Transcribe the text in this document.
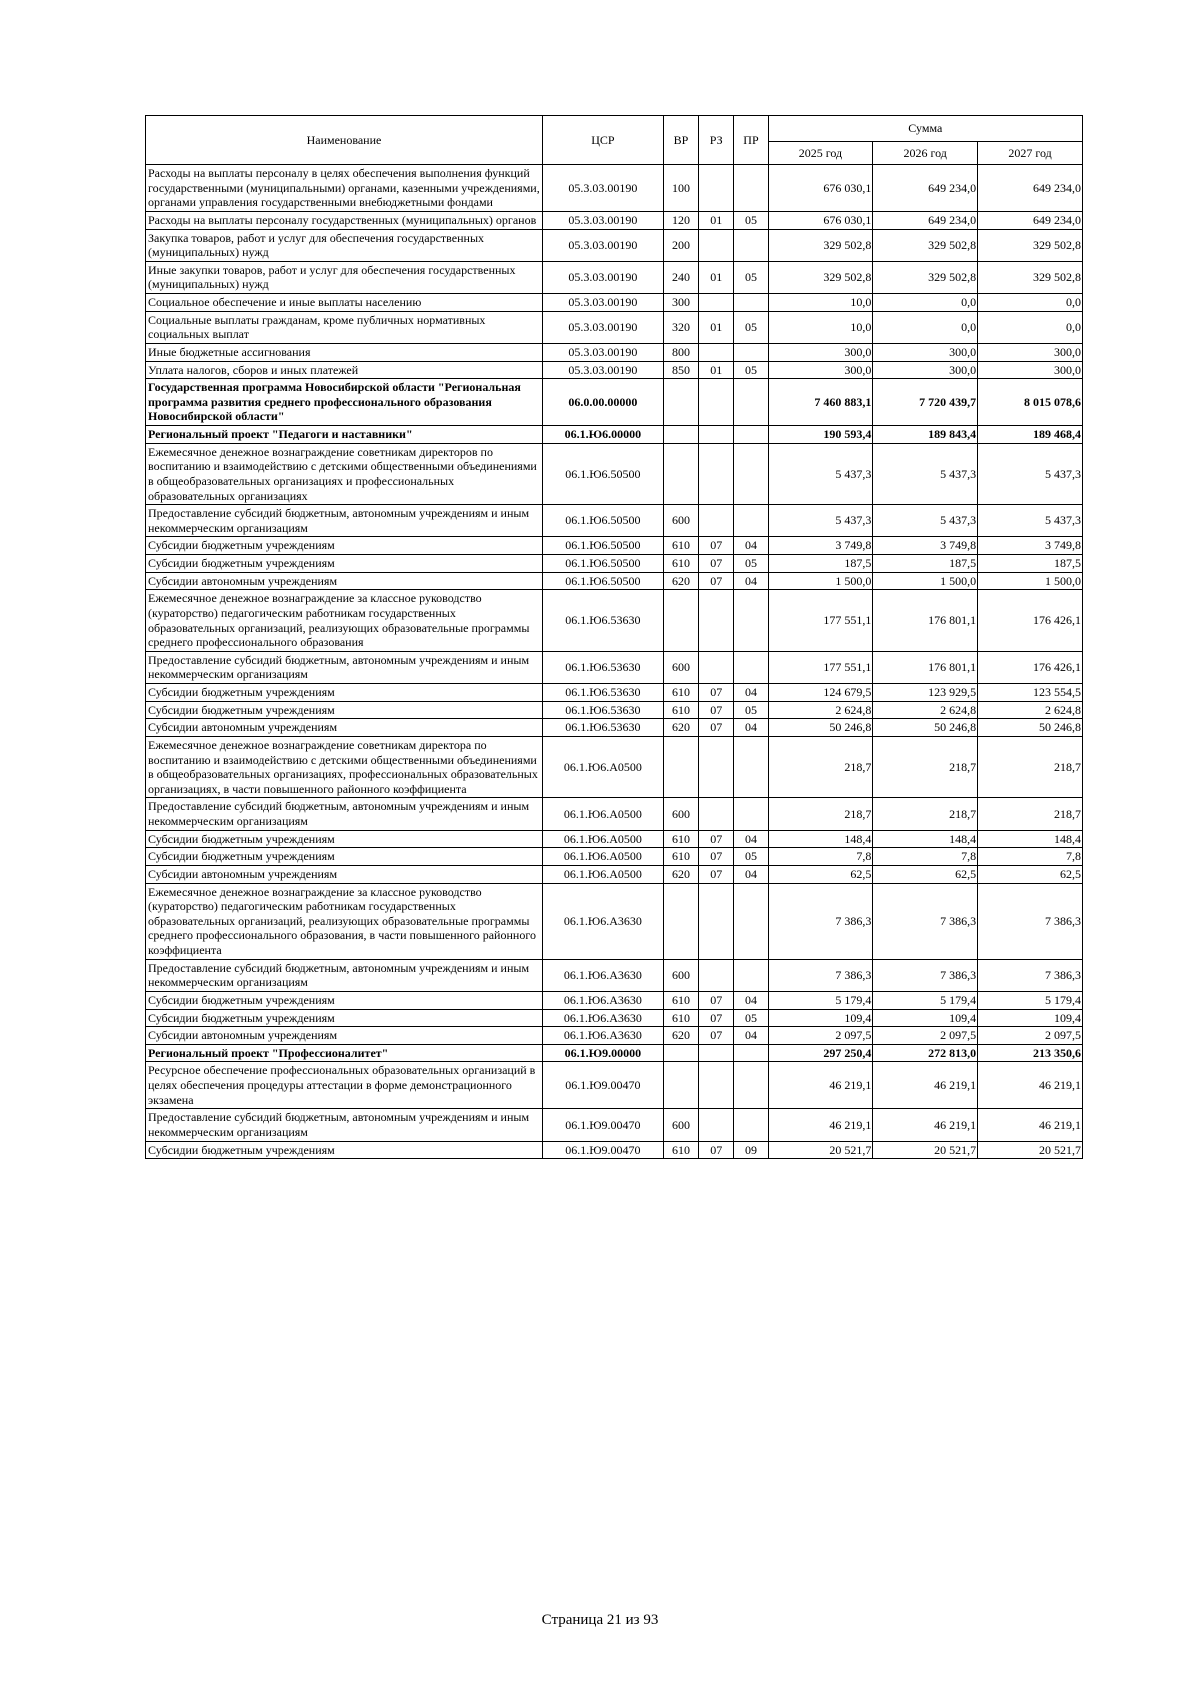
Наименование	ЦСР	ВР	РЗ	ПР	Сумма		
					2025 год	2026 год	2027 год
Расходы на выплаты персоналу в целях обеспечения выполнения функций государственными (муниципальными) органами, казенными учреждениями, органами управления государственными внебюджетными фондами	05.3.03.00190	100			676 030,1	649 234,0	649 234,0
Расходы на выплаты персоналу государственных (муниципальных) органов	05.3.03.00190	120	01	05	676 030,1	649 234,0	649 234,0
Закупка товаров, работ и услуг для обеспечения государственных (муниципальных) нужд	05.3.03.00190	200			329 502,8	329 502,8	329 502,8
Иные закупки товаров, работ и услуг для обеспечения государственных (муниципальных) нужд	05.3.03.00190	240	01	05	329 502,8	329 502,8	329 502,8
Социальное обеспечение и иные выплаты населению	05.3.03.00190	300			10,0	0,0	0,0
Социальные выплаты гражданам, кроме публичных нормативных социальных выплат	05.3.03.00190	320	01	05	10,0	0,0	0,0
Иные бюджетные ассигнования	05.3.03.00190	800			300,0	300,0	300,0
Уплата налогов, сборов и иных платежей	05.3.03.00190	850	01	05	300,0	300,0	300,0
Государственная программа Новосибирской области "Региональная программа развития среднего профессионального образования Новосибирской области"	06.0.00.00000				7 460 883,1	7 720 439,7	8 015 078,6
Региональный проект "Педагоги и наставники"	06.1.Ю6.00000				190 593,4	189 843,4	189 468,4
Ежемесячное денежное вознаграждение советникам директоров по воспитанию и взаимодействию с детскими общественными объединениями в общеобразовательных организациях и профессиональных образовательных организациях	06.1.Ю6.50500				5 437,3	5 437,3	5 437,3
Предоставление субсидий бюджетным, автономным учреждениям и иным некоммерческим организациям	06.1.Ю6.50500	600			5 437,3	5 437,3	5 437,3
Субсидии бюджетным учреждениям	06.1.Ю6.50500	610	07	04	3 749,8	3 749,8	3 749,8
Субсидии бюджетным учреждениям	06.1.Ю6.50500	610	07	05	187,5	187,5	187,5
Субсидии автономным учреждениям	06.1.Ю6.50500	620	07	04	1 500,0	1 500,0	1 500,0
Ежемесячное денежное вознаграждение за классное руководство (кураторство) педагогическим работникам государственных образовательных организаций, реализующих образовательные программы среднего профессионального образования	06.1.Ю6.53630				177 551,1	176 801,1	176 426,1
Предоставление субсидий бюджетным, автономным учреждениям и иным некоммерческим организациям	06.1.Ю6.53630	600			177 551,1	176 801,1	176 426,1
Субсидии бюджетным учреждениям	06.1.Ю6.53630	610	07	04	124 679,5	123 929,5	123 554,5
Субсидии бюджетным учреждениям	06.1.Ю6.53630	610	07	05	2 624,8	2 624,8	2 624,8
Субсидии автономным учреждениям	06.1.Ю6.53630	620	07	04	50 246,8	50 246,8	50 246,8
Ежемесячное денежное вознаграждение советникам директора по воспитанию и взаимодействию с детскими общественными объединениями в общеобразовательных организациях, профессиональных образовательных организациях, в части повышенного районного коэффициента	06.1.Ю6.А0500				218,7	218,7	218,7
Предоставление субсидий бюджетным, автономным учреждениям и иным некоммерческим организациям	06.1.Ю6.А0500	600			218,7	218,7	218,7
Субсидии бюджетным учреждениям	06.1.Ю6.А0500	610	07	04	148,4	148,4	148,4
Субсидии бюджетным учреждениям	06.1.Ю6.А0500	610	07	05	7,8	7,8	7,8
Субсидии автономным учреждениям	06.1.Ю6.А0500	620	07	04	62,5	62,5	62,5
Ежемесячное денежное вознаграждение за классное руководство (кураторство) педагогическим работникам государственных образовательных организаций, реализующих образовательные программы среднего профессионального образования, в части повышенного районного коэффициента	06.1.Ю6.А3630				7 386,3	7 386,3	7 386,3
Предоставление субсидий бюджетным, автономным учреждениям и иным некоммерческим организациям	06.1.Ю6.А3630	600			7 386,3	7 386,3	7 386,3
Субсидии бюджетным учреждениям	06.1.Ю6.А3630	610	07	04	5 179,4	5 179,4	5 179,4
Субсидии бюджетным учреждениям	06.1.Ю6.А3630	610	07	05	109,4	109,4	109,4
Субсидии автономным учреждениям	06.1.Ю6.А3630	620	07	04	2 097,5	2 097,5	2 097,5
Региональный проект "Профессионалитет"	06.1.Ю9.00000				297 250,4	272 813,0	213 350,6
Ресурсное обеспечение профессиональных образовательных организаций в целях обеспечения процедуры аттестации в форме демонстрационного экзамена	06.1.Ю9.00470				46 219,1	46 219,1	46 219,1
Предоставление субсидий бюджетным, автономным учреждениям и иным некоммерческим организациям	06.1.Ю9.00470	600			46 219,1	46 219,1	46 219,1
Субсидии бюджетным учреждениям	06.1.Ю9.00470	610	07	09	20 521,7	20 521,7	20 521,7
Страница 21 из 93
